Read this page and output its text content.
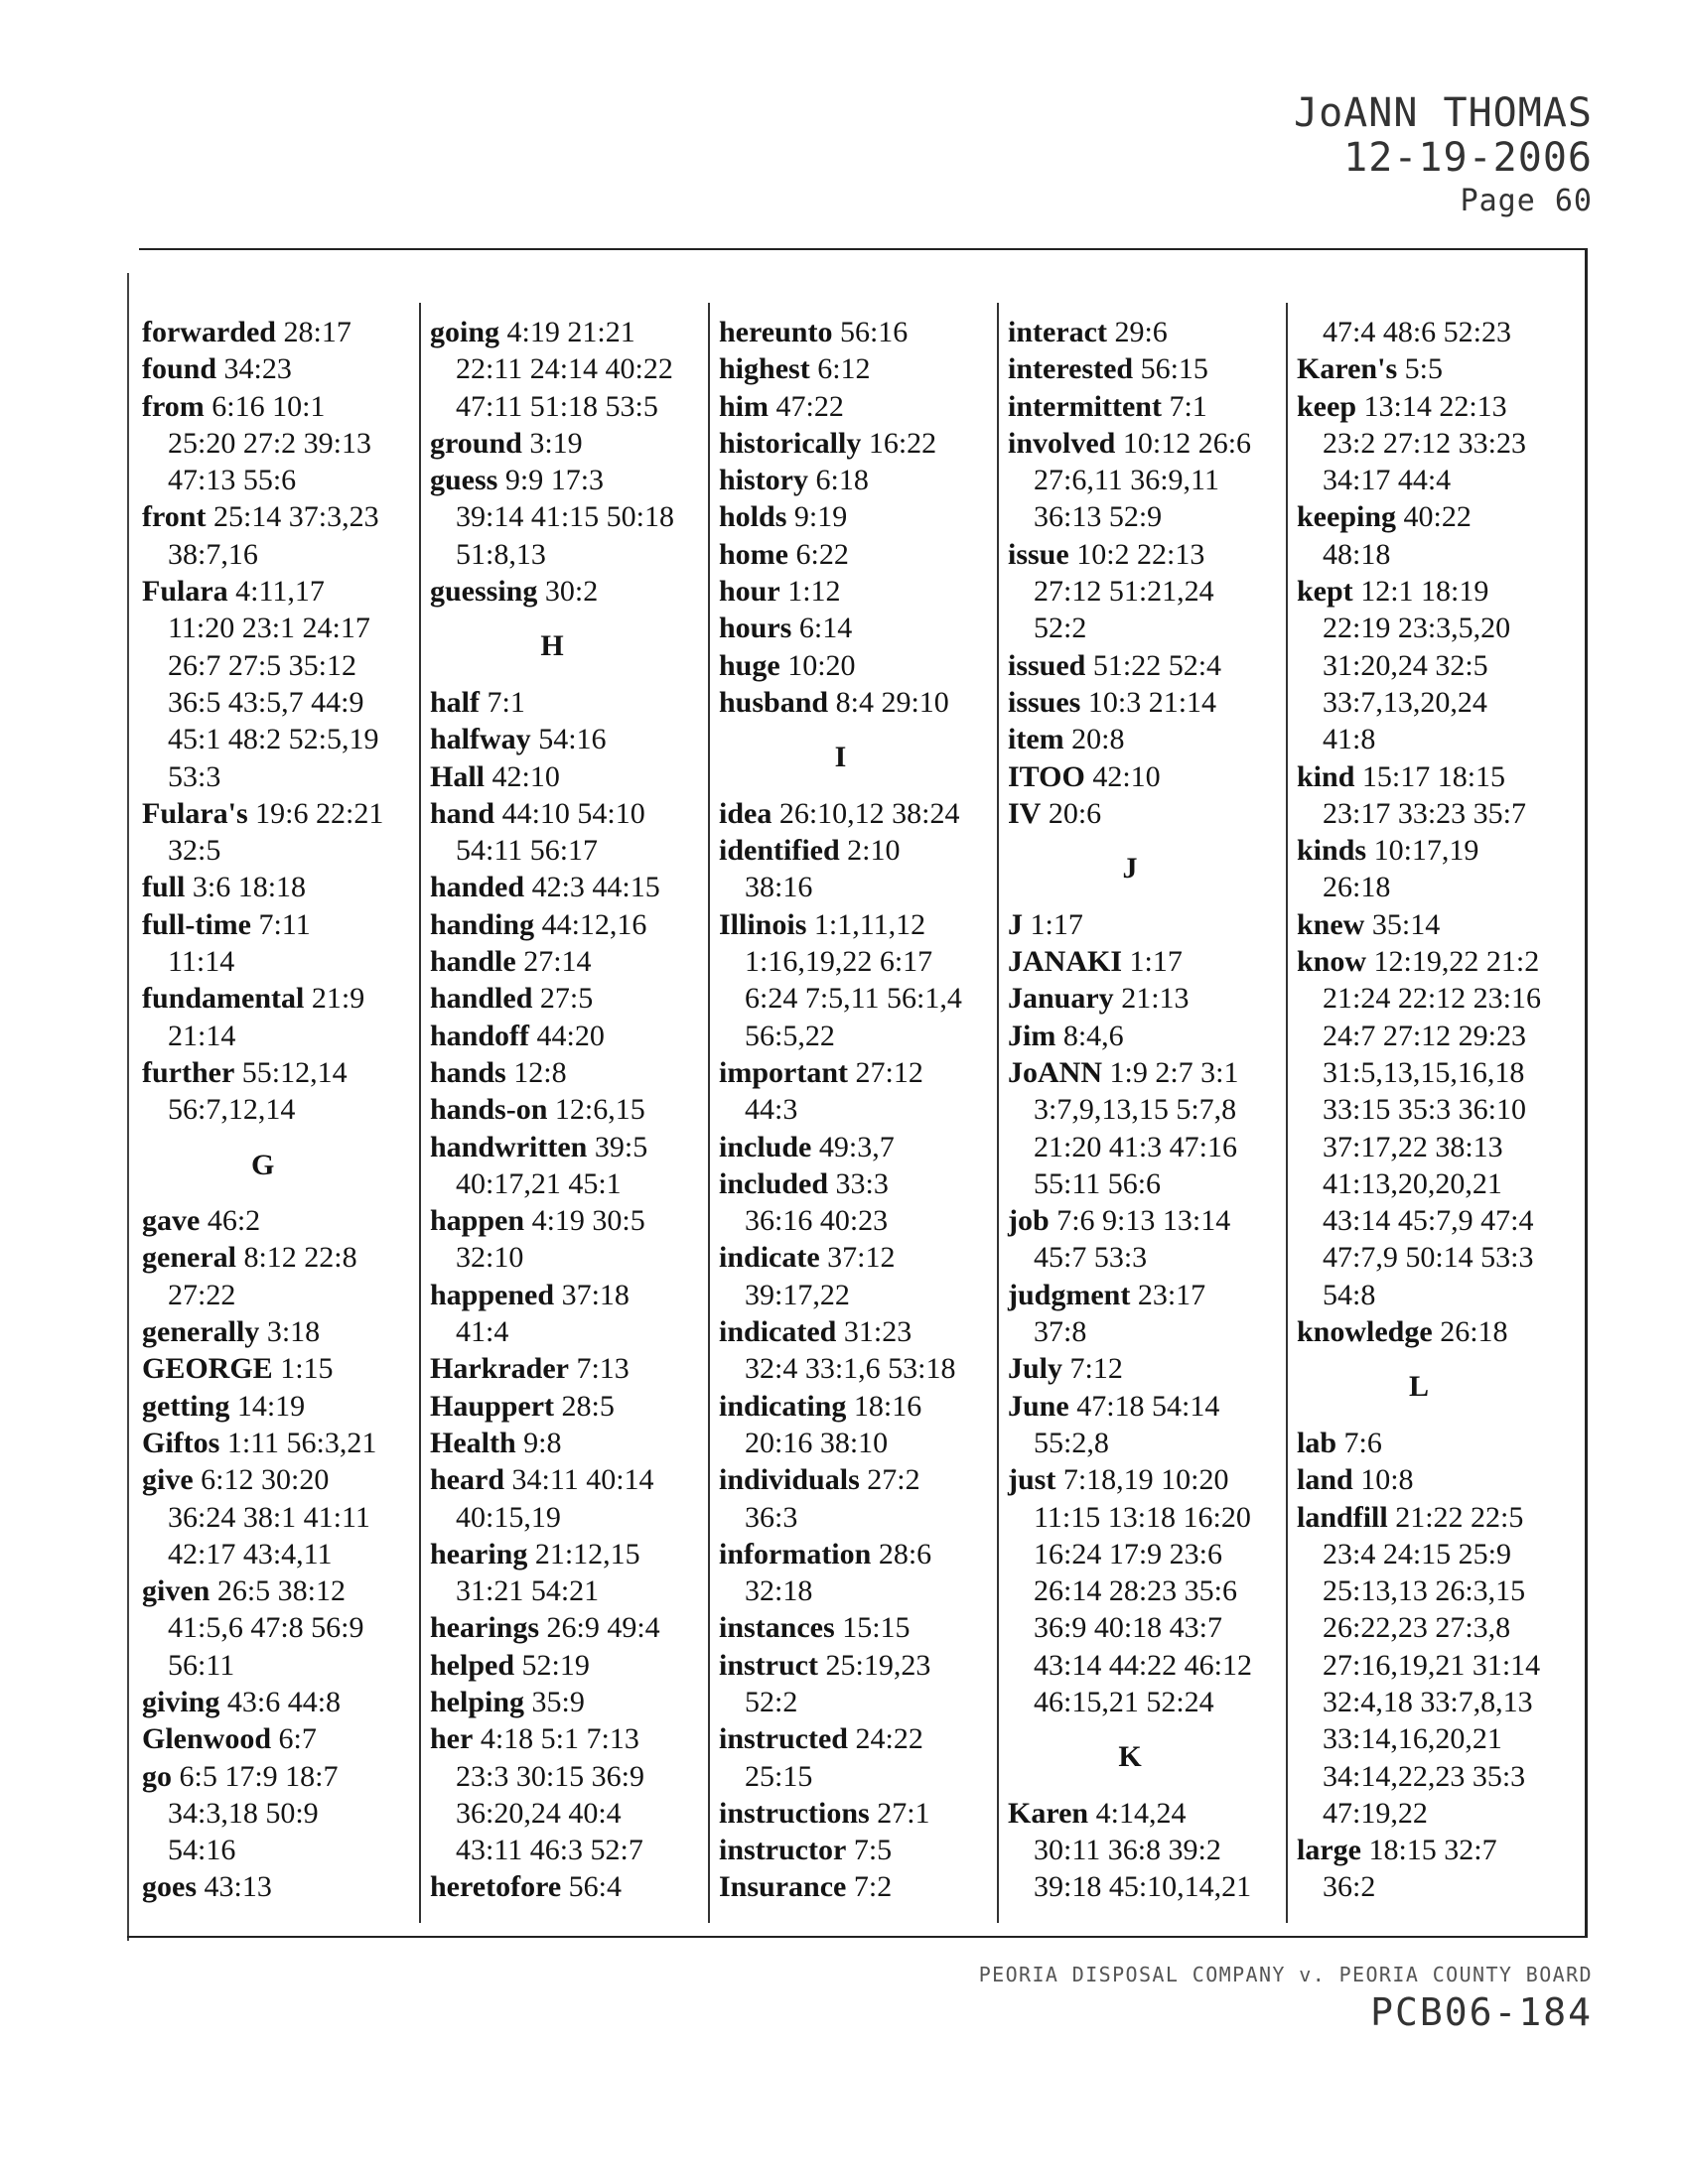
JoANN THOMAS
12-19-2006
Page 60
forwarded 28:17
found 34:23
from 6:16 10:1
25:20 27:2 39:13
47:13 55:6
front 25:14 37:3,23
38:7,16
Fulara 4:11,17
11:20 23:1 24:17
26:7 27:5 35:12
36:5 43:5,7 44:9
45:1 48:2 52:5,19
53:3
Fulara's 19:6 22:21
32:5
full 3:6 18:18
full-time 7:11
11:14
fundamental 21:9
21:14
further 55:12,14
56:7,12,14
G
gave 46:2
general 8:12 22:8
27:22
generally 3:18
GEORGE 1:15
getting 14:19
Giftos 1:11 56:3,21
give 6:12 30:20
36:24 38:1 41:11
42:17 43:4,11
given 26:5 38:12
41:5,6 47:8 56:9
56:11
giving 43:6 44:8
Glenwood 6:7
go 6:5 17:9 18:7
34:3,18 50:9
54:16
goes 43:13
going 4:19 21:21
22:11 24:14 40:22
47:11 51:18 53:5
ground 3:19
guess 9:9 17:3
39:14 41:15 50:18
51:8,13
guessing 30:2
H
half 7:1
halfway 54:16
Hall 42:10
hand 44:10 54:10
54:11 56:17
handed 42:3 44:15
handing 44:12,16
handle 27:14
handled 27:5
handoff 44:20
hands 12:8
hands-on 12:6,15
handwritten 39:5
40:17,21 45:1
happen 4:19 30:5
32:10
happened 37:18
41:4
Harkrader 7:13
Hauppert 28:5
Health 9:8
heard 34:11 40:14
40:15,19
hearing 21:12,15
31:21 54:21
hearings 26:9 49:4
helped 52:19
helping 35:9
her 4:18 5:1 7:13
23:3 30:15 36:9
36:20,24 40:4
43:11 46:3 52:7
heretofore 56:4
hereunto 56:16
highest 6:12
him 47:22
historically 16:22
history 6:18
holds 9:19
home 6:22
hour 1:12
hours 6:14
huge 10:20
husband 8:4 29:10
I
idea 26:10,12 38:24
identified 2:10
38:16
Illinois 1:1,11,12
1:16,19,22 6:17
6:24 7:5,11 56:1,4
56:5,22
important 27:12
44:3
include 49:3,7
included 33:3
36:16 40:23
indicate 37:12
39:17,22
indicated 31:23
32:4 33:1,6 53:18
indicating 18:16
20:16 38:10
individuals 27:2
36:3
information 28:6
32:18
instances 15:15
instruct 25:19,23
52:2
instructed 24:22
25:15
instructions 27:1
instructor 7:5
Insurance 7:2
interact 29:6
interested 56:15
intermittent 7:1
involved 10:12 26:6
27:6,11 36:9,11
36:13 52:9
issue 10:2 22:13
27:12 51:21,24
52:2
issued 51:22 52:4
issues 10:3 21:14
item 20:8
ITOO 42:10
IV 20:6
J
J 1:17
JANAKI 1:17
January 21:13
Jim 8:4,6
JoANN 1:9 2:7 3:1
3:7,9,13,15 5:7,8
21:20 41:3 47:16
55:11 56:6
job 7:6 9:13 13:14
45:7 53:3
judgment 23:17
37:8
July 7:12
June 47:18 54:14
55:2,8
just 7:18,19 10:20
11:15 13:18 16:20
16:24 17:9 23:6
26:14 28:23 35:6
36:9 40:18 43:7
43:14 44:22 46:12
46:15,21 52:24
K
Karen 4:14,24
30:11 36:8 39:2
39:18 45:10,14,21
47:4 48:6 52:23
Karen's 5:5
keep 13:14 22:13
23:2 27:12 33:23
34:17 44:4
keeping 40:22
48:18
kept 12:1 18:19
22:19 23:3,5,20
31:20,24 32:5
33:7,13,20,24
41:8
kind 15:17 18:15
23:17 33:23 35:7
kinds 10:17,19
26:18
knew 35:14
know 12:19,22 21:2
21:24 22:12 23:16
24:7 27:12 29:23
31:5,13,15,16,18
33:15 35:3 36:10
37:17,22 38:13
41:13,20,20,21
43:14 45:7,9 47:4
47:7,9 50:14 53:3
54:8
knowledge 26:18
L
lab 7:6
land 10:8
landfill 21:22 22:5
23:4 24:15 25:9
25:13,13 26:3,15
26:22,23 27:3,8
27:16,19,21 31:14
32:4,18 33:7,8,13
33:14,16,20,21
34:14,22,23 35:3
47:19,22
large 18:15 32:7
36:2
PEORIA DISPOSAL COMPANY v. PEORIA COUNTY BOARD
PCB06-184
